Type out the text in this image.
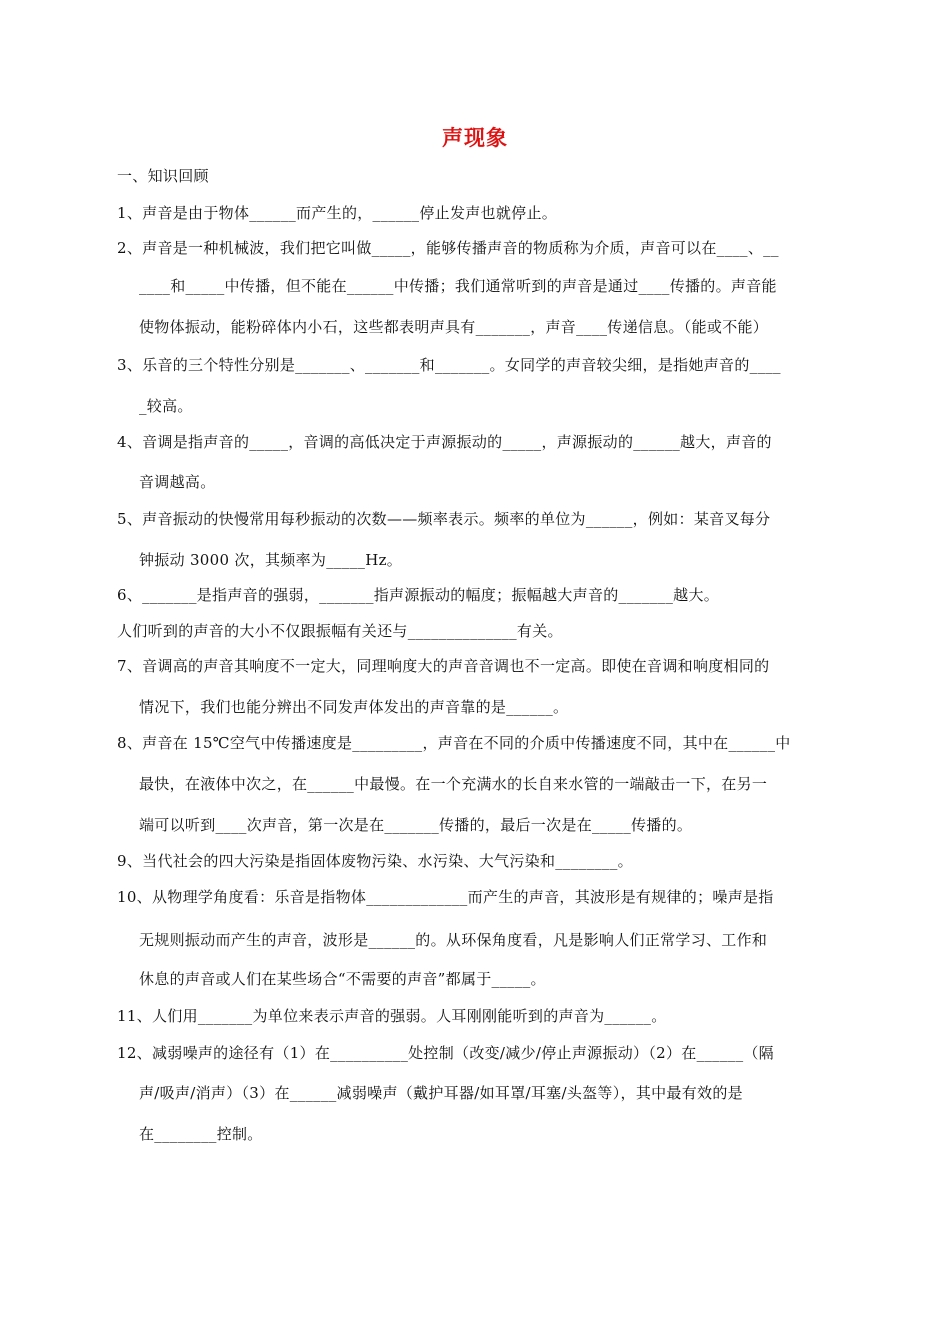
声现象
一、知识回顾
1、声音是由于物体______而产生的，______停止发声也就停止。
2、声音是一种机械波，我们把它叫做_____，能够传播声音的物质称为介质，声音可以在____、__
____和_____中传播，但不能在______中传播；我们通常听到的声音是通过____传播的。声音能
使物体振动，能粉碎体内小石，这些都表明声具有_______，声音____传递信息。（能或不能）
3、乐音的三个特性分别是_______、_______和_______。女同学的声音较尖细，是指她声音的____
_较高。
4、音调是指声音的_____，音调的高低决定于声源振动的_____，声源振动的______越大，声音的
音调越高。
5、声音振动的快慢常用每秒振动的次数——频率表示。频率的单位为______，例如：某音叉每分
钟振动 3000 次，其频率为_____Hz。
6、_______是指声音的强弱，_______指声源振动的幅度；振幅越大声音的_______越大。
人们听到的声音的大小不仅跟振幅有关还与______________有关。
7、音调高的声音其响度不一定大，同理响度大的声音音调也不一定高。即使在音调和响度相同的
情况下，我们也能分辨出不同发声体发出的声音靠的是______。
8、声音在 15℃空气中传播速度是_________，声音在不同的介质中传播速度不同，其中在______中
最快，在液体中次之，在______中最慢。在一个充满水的长自来水管的一端敲击一下，在另一
端可以听到____次声音，第一次是在_______传播的，最后一次是在_____传播的。
9、当代社会的四大污染是指固体废物污染、水污染、大气污染和________。
10、从物理学角度看：乐音是指物体_____________而产生的声音，其波形是有规律的；噪声是指
无规则振动而产生的声音，波形是______的。从环保角度看，凡是影响人们正常学习、工作和
休息的声音或人们在某些场合“不需要的声音”都属于_____。
11、人们用_______为单位来表示声音的强弱。人耳刚刚能听到的声音为______。
12、减弱噪声的途径有（1）在__________处控制（改变/减少/停止声源振动）（2）在______（隔
声/吸声/消声）（3）在______减弱噪声（戴护耳器/如耳罩/耳塞/头盔等），其中最有效的是
在________控制。
